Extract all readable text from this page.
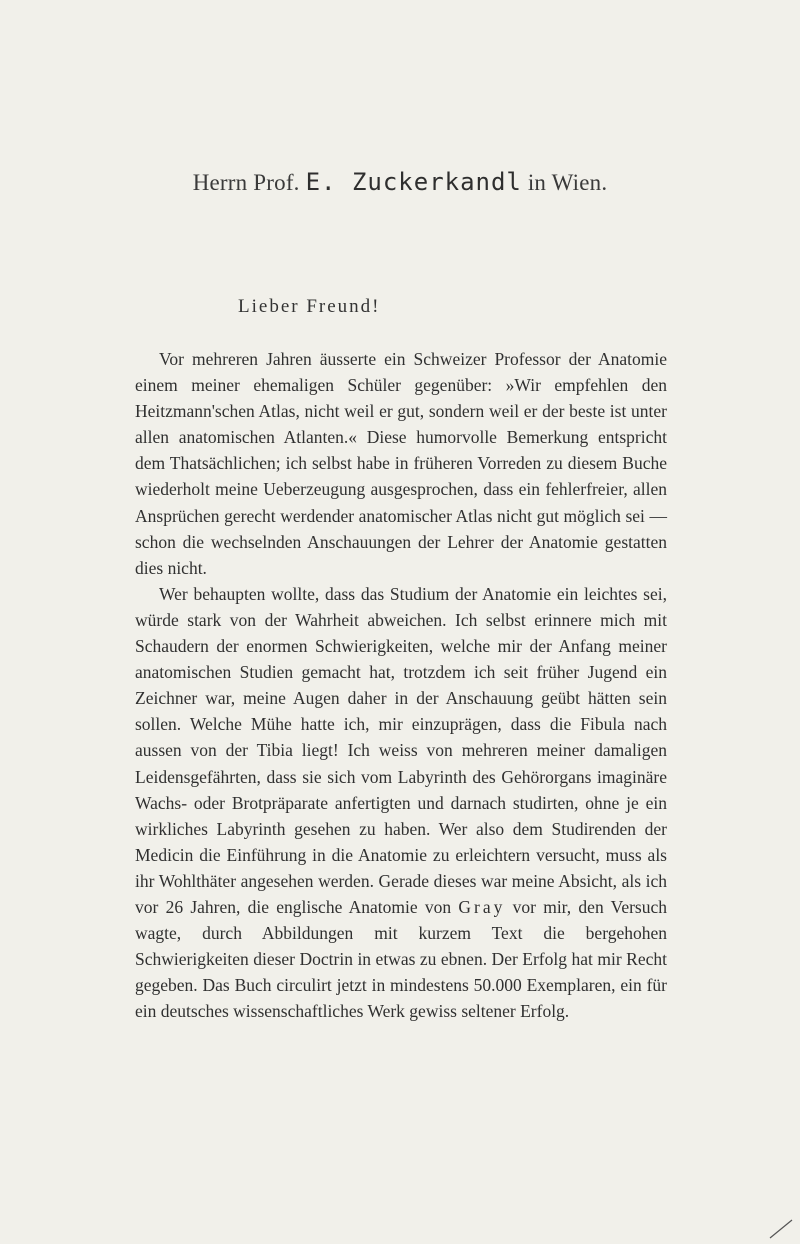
Herrn Prof. E. Zuckerkandl in Wien.
Lieber Freund!

Vor mehreren Jahren äusserte ein Schweizer Professor der Anatomie einem meiner ehemaligen Schüler gegenüber: »Wir empfehlen den Heitzmann'schen Atlas, nicht weil er gut, sondern weil er der beste ist unter allen anatomischen Atlanten.« Diese humorvolle Bemerkung entspricht dem Thatsächlichen; ich selbst habe in früheren Vorreden zu diesem Buche wiederholt meine Ueberzeugung ausgesprochen, dass ein fehlerfreier, allen Ansprüchen gerecht werdender anatomischer Atlas nicht gut möglich sei — schon die wechselnden Anschauungen der Lehrer der Anatomie gestatten dies nicht.

Wer behaupten wollte, dass das Studium der Anatomie ein leichtes sei, würde stark von der Wahrheit abweichen. Ich selbst erinnere mich mit Schaudern der enormen Schwierigkeiten, welche mir der Anfang meiner anatomischen Studien gemacht hat, trotzdem ich seit früher Jugend ein Zeichner war, meine Augen daher in der Anschauung geübt hätten sein sollen. Welche Mühe hatte ich, mir einzuprägen, dass die Fibula nach aussen von der Tibia liegt! Ich weiss von mehreren meiner damaligen Leidensgefährten, dass sie sich vom Labyrinth des Gehörorgans imaginäre Wachs- oder Brotpräparate anfertigten und darnach studirten, ohne je ein wirkliches Labyrinth gesehen zu haben. Wer also dem Studirenden der Medicin die Einführung in die Anatomie zu erleichtern versucht, muss als ihr Wohlthäter angesehen werden. Gerade dieses war meine Absicht, als ich vor 26 Jahren, die englische Anatomie von Gray vor mir, den Versuch wagte, durch Abbildungen mit kurzem Text die bergehohen Schwierigkeiten dieser Doctrin in etwas zu ebnen. Der Erfolg hat mir Recht gegeben. Das Buch circulirt jetzt in mindestens 50.000 Exemplaren, ein für ein deutsches wissenschaftliches Werk gewiss seltener Erfolg.
